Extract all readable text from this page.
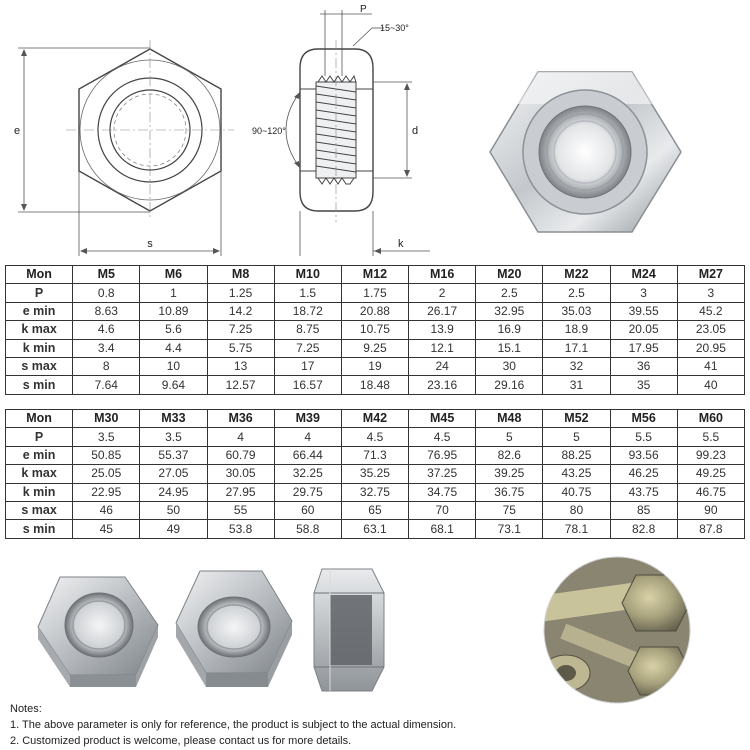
e
s
P
15~30°
90~120°	d
k
Mon	M5	M6	M8	M10	M12	M16	M20	M22	M24	M27
P	0.8	1	1.25	1.5	1.75	2	2.5	2.5	3	3
e min	8.63	10.89	14.2	18.72	20.88	26.17	32.95	35.03	39.55	45.2
k max	4.6	5.6	7.25	8.75	10.75	13.9	16.9	18.9	20.05	23.05
k min	3.4	4.4	5.75	7.25	9.25	12.1	15.1	17.1	17.95	20.95
s max	8	10	13	17	19	24	30	32	36	41
s min	7.64	9.64	12.57	16.57	18.48	23.16	29.16	31	35	40
Mon	M30	M33	M36	M39	M42	M45	M48	M52	M56	M60
P	3.5	3.5	4	4	4.5	4.5	5	5	5.5	5.5
e min	50.85	55.37	60.79	66.44	71.3	76.95	82.6	88.25	93.56	99.23
k max	25.05	27.05	30.05	32.25	35.25	37.25	39.25	43.25	46.25	49.25
k min	22.95	24.95	27.95	29.75	32.75	34.75	36.75	40.75	43.75	46.75
s max	46	50	55	60	65	70	75	80	85	90
s min	45	49	53.8	58.8	63.1	68.1	73.1	78.1	82.8	87.8
Notes:
1. The above parameter is only for reference, the product is subject to the actual dimension.
2. Customized product is welcome, please contact us for more details.
